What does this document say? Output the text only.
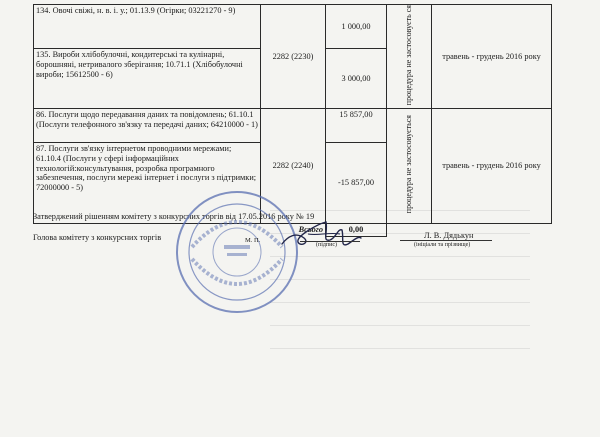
134. Овочі свіжі, н. в. і. у.; 01.13.9 (Огірки; 03221270 - 9)	2282 (2230)	1 000,00	процедура не застосовуєть ся	травень - грудень 2016 року
135. Вироби хлібобулочні, кондитерські та кулінарні, борошняні, нетривалого зберігання; 10.71.1 (Хлібобулочні вироби; 15612500 - 6)		3 000,00		
86. Послуги щодо передавання даних та повідомлень; 61.10.1 (Послуги телефонного зв'язку та передачі даних; 64210000 - 1)	2282 (2240)	15 857,00	процедура не застосовується	травень - грудень 2016 року
87. Послуги зв'язку інтернетом проводними мережами; 61.10.4 (Послуги у сфері інформаційних технологій:консультування, розробка програмного забезпечення, послуги мережі інтернет і послуги з підтримки; 72000000 - 5)		-15 857,00		
Всього		0,00		
Затверджений рішенням комітету з конкурсних торгів від 17.05.2016 року № 19
Голова комітету з конкурсних торгів	М. П.
(підпис)
Л. В. Дядькун
(ініціали та прізвище)
